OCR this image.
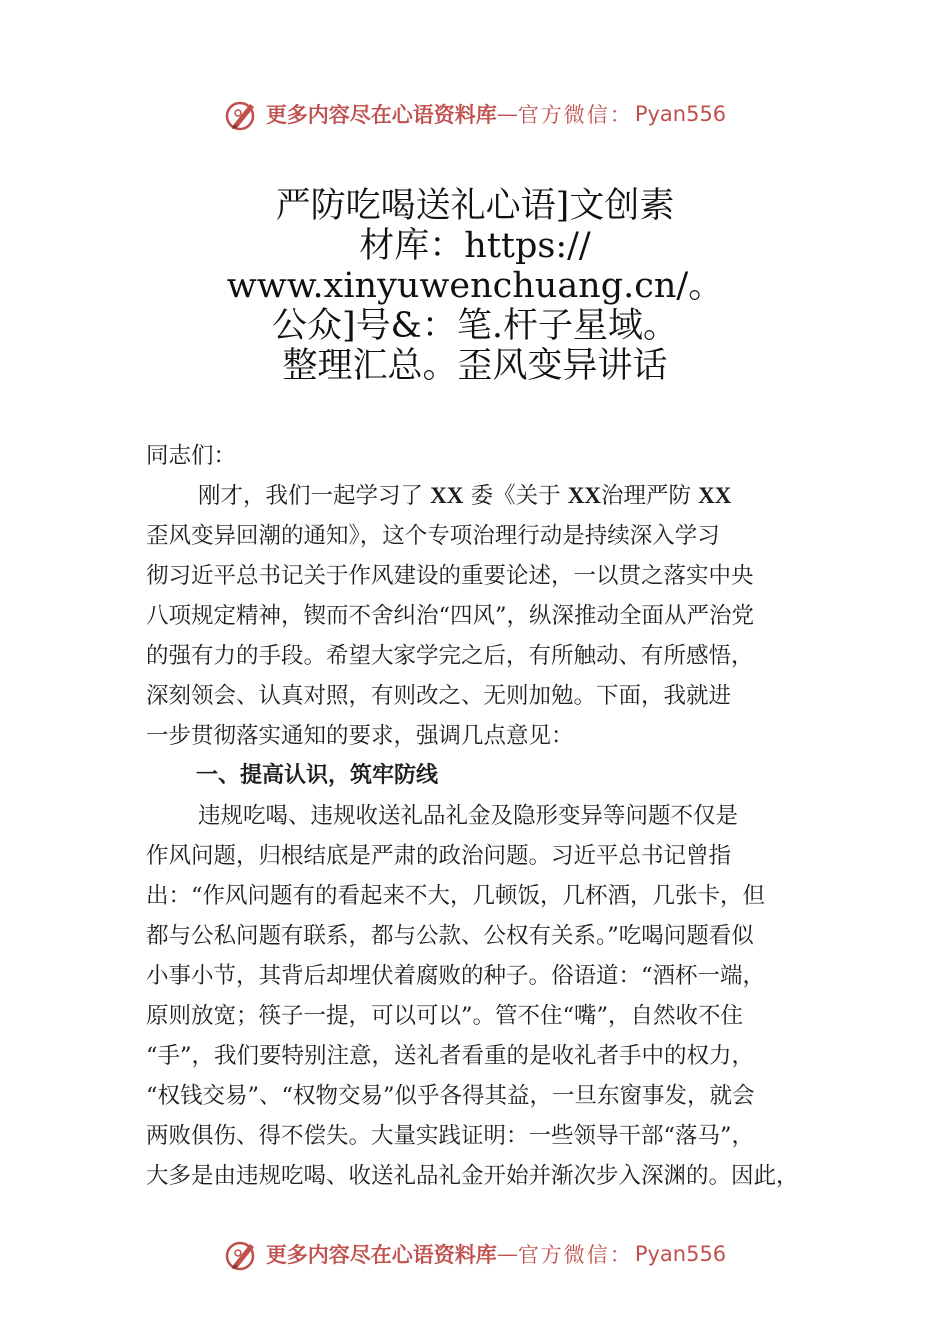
更多内容尽在心语资料库 — 官方微信： Pyan556
严防吃喝送礼心语]文创素
材库：https://
www.xinyuwenchuang.cn/。
公众]号&：笔.杆子星域。
整理汇总。歪风变异讲话
同志们：
刚才，我们一起学习了 XX 委《关于 XX治理严防 XX
歪风变异回潮的通知》，这个专项治理行动是持续深入学习
彻习近平总书记关于作风建设的重要论述，一以贯之落实中央
八项规定精神，锲而不舍纠治“四风”，纵深推动全面从严治党
的强有力的手段。希望大家学完之后，有所触动、有所感悟，
深刻领会、认真对照，有则改之、无则加勉。下面，我就进
一步贯彻落实通知的要求，强调几点意见：
一、提高认识，筑牢防线
违规吃喝、违规收送礼品礼金及隐形变异等问题不仅是
作风问题，归根结底是严肃的政治问题。习近平总书记曾指
出：“作风问题有的看起来不大，几顿饭，几杯酒，几张卡，但
都与公私问题有联系，都与公款、公权有关系。”吃喝问题看似
小事小节，其背后却埋伏着腐败的种子。俗语道：“酒杯一端，
原则放宽；筷子一提，可以可以”。管不住“嘴”，自然收不住
“手”，我们要特别注意，送礼者看重的是收礼者手中的权力，
“权钱交易”、“权物交易”似乎各得其益，一旦东窗事发，就会
两败俱伤、得不偿失。大量实践证明：一些领导干部“落马”，
大多是由违规吃喝、收送礼品礼金开始并渐次步入深渊的。因此，
更多内容尽在心语资料库 — 官方微信： Pyan556
